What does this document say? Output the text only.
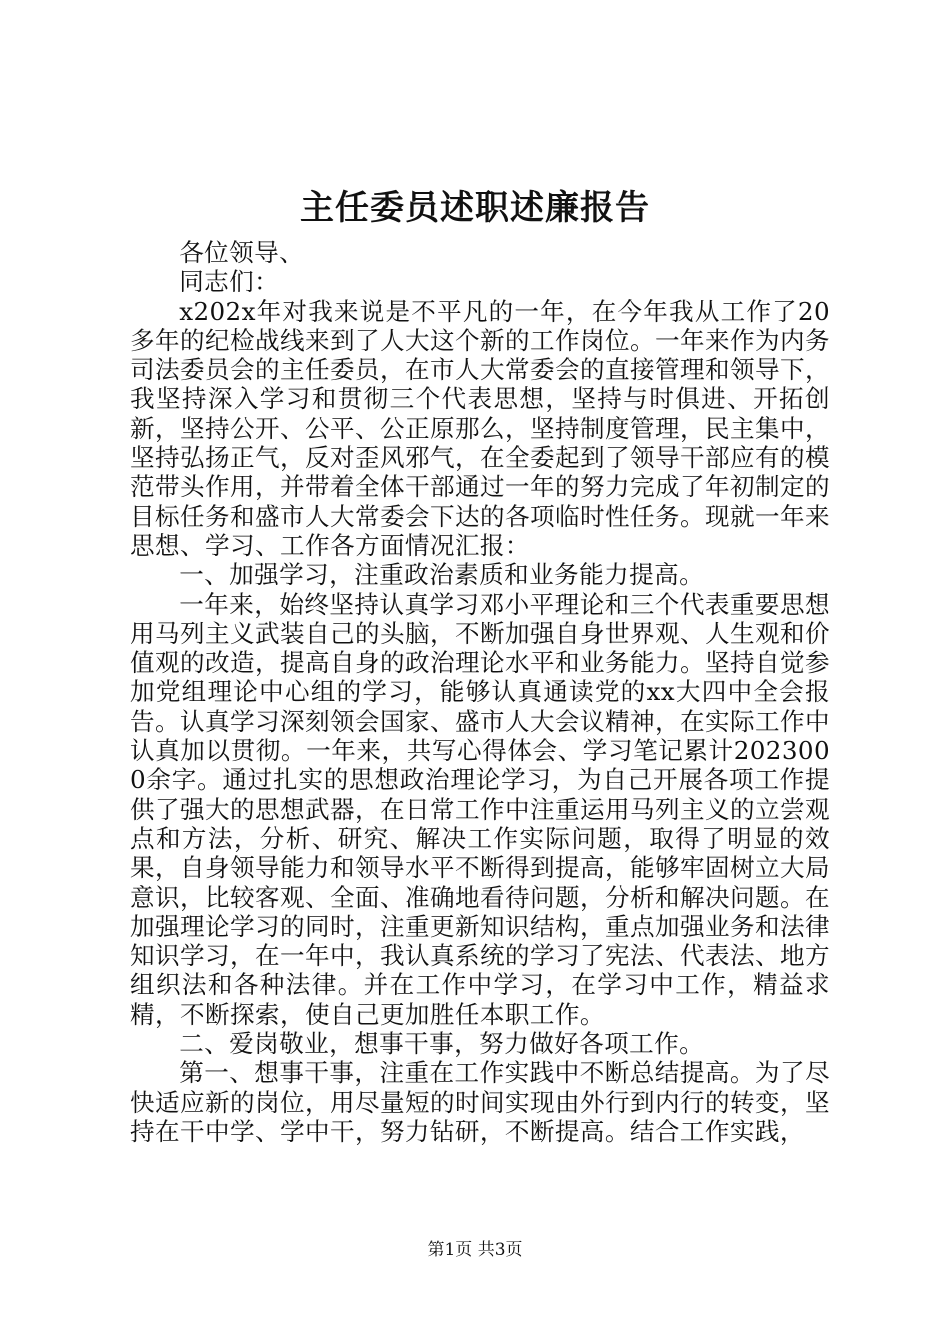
主任委员述职述廉报告

各位领导、

同志们：

x202x年对我来说是不平凡的一年，在今年我从工作了20多年的纪检战线来到了人大这个新的工作岗位。一年来作为内务司法委员会的主任委员，在市人大常委会的直接管理和领导下，我坚持深入学习和贯彻三个代表思想，坚持与时俱进、开拓创新，坚持公开、公平、公正原那么，坚持制度管理，民主集中，坚持弘扬正气，反对歪风邪气，在全委起到了领导干部应有的模范带头作用，并带着全体干部通过一年的努力完成了年初制定的目标任务和盛市人大常委会下达的各项临时性任务。现就一年来思想、学习、工作各方面情况汇报：

一、加强学习，注重政治素质和业务能力提高。

一年来，始终坚持认真学习邓小平理论和三个代表重要思想用马列主义武装自己的头脑，不断加强自身世界观、人生观和价值观的改造，提高自身的政治理论水平和业务能力。坚持自觉参加党组理论中心组的学习，能够认真通读党的xx大四中全会报告。认真学习深刻领会国家、盛市人大会议精神，在实际工作中认真加以贯彻。一年来，共写心得体会、学习笔记累计2023000余字。通过扎实的思想政治理论学习，为自己开展各项工作提供了强大的思想武器，在日常工作中注重运用马列主义的立尝观点和方法，分析、研究、解决工作实际问题，取得了明显的效果，自身领导能力和领导水平不断得到提高，能够牢固树立大局意识，比较客观、全面、准确地看待问题，分析和解决问题。在加强理论学习的同时，注重更新知识结构，重点加强业务和法律知识学习，在一年中，我认真系统的学习了宪法、代表法、地方组织法和各种法律。并在工作中学习，在学习中工作，精益求精，不断探索，使自己更加胜任本职工作。

二、爱岗敬业，想事干事，努力做好各项工作。

第一、想事干事，注重在工作实践中不断总结提高。为了尽快适应新的岗位，用尽量短的时间实现由外行到内行的转变，坚持在干中学、学中干，努力钻研，不断提高。结合工作实践，

第1页 共3页
